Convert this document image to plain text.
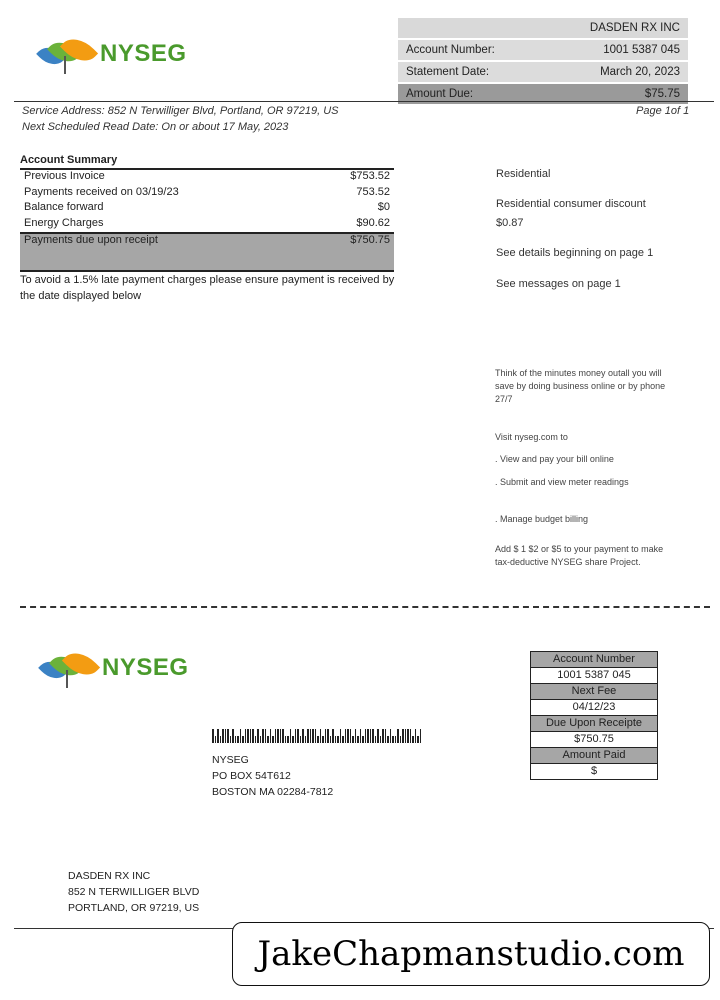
NYSEG
DASDEN RX INC
Account Number:	1001 5387 045
Statement Date:	March 20, 2023
Amount Due:	$75.75
Service Address: 852 N Terwilliger Blvd, Portland, OR 97219, US
Next Scheduled Read Date: On or about 17 May, 2023
Page 1of 1
Account Summary
Previous Invoice	$753.52
Payments received on 03/19/23	753.52
Balance forward	$0
Energy Charges	$90.62
Payments due upon receipt	$750.75
To avoid a 1.5% late payment charges please ensure payment is received by the date displayed below
Residential
Residential consumer discount
$0.87
See details beginning on page 1
See messages on page 1
Think of the minutes money outall you will save by doing business online or by phone 27/7
Visit nyseg.com to
. View and pay your bill online
. Submit and view meter readings
. Manage budget billing
Add $ 1 $2 or $5 to your payment to make tax-deductive NYSEG share Project.
NYSEG	Account Number
1001 5387 045
Next Fee
04/12/23
Due Upon Receipte
$750.75
Amount Paid
$
NYSEG
PO BOX 54T612
BOSTON MA 02284-7812
DASDEN RX INC
852 N TERWILLIGER BLVD
PORTLAND, OR 97219, US
JakeChapmanstudio.com
